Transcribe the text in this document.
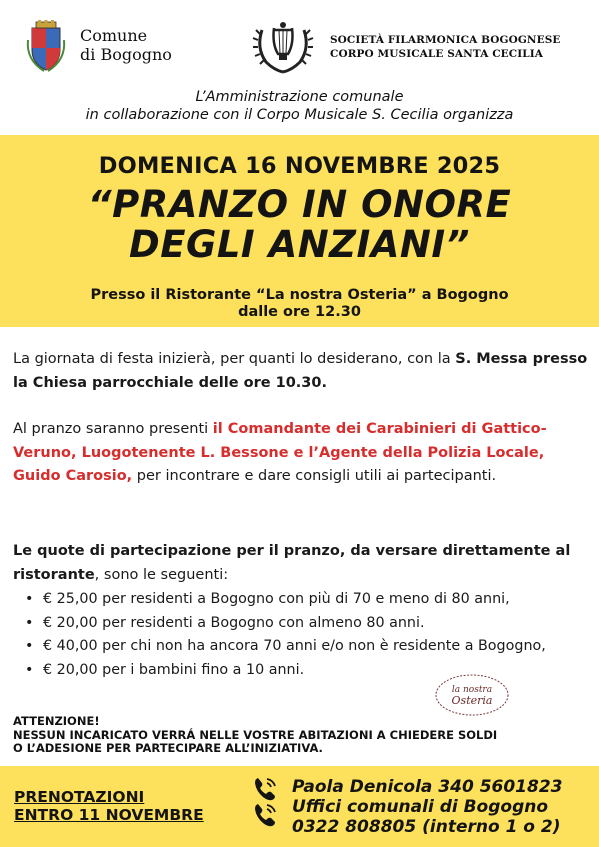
Comune
di Bogogno
SOCIETÀ FILARMONICA BOGOGNESE
CORPO MUSICALE SANTA CECILIA
L’Amministrazione comunale
in collaborazione con il Corpo Musicale S. Cecilia organizza
DOMENICA 16 NOVEMBRE 2025
“PRANZO IN ONORE
DEGLI ANZIANI”
Presso il Ristorante “La nostra Osteria” a Bogogno
dalle ore 12.30

La giornata di festa inizierà, per quanti lo desiderano, con la S. Messa presso la Chiesa parrocchiale delle ore 10.30.

Al pranzo saranno presenti il Comandante dei Carabinieri di Gattico-Veruno, Luogotenente L. Bessone e l’Agente della Polizia Locale, Guido Carosio, per incontrare e dare consigli utili ai partecipanti.

Le quote di partecipazione per il pranzo, da versare direttamente al ristorante, sono le seguenti:

• € 25,00 per residenti a Bogogno con più di 70 e meno di 80 anni,
• € 20,00 per residenti a Bogogno con almeno 80 anni.
• € 40,00 per chi non ha ancora 70 anni e/o non è residente a Bogogno,
• € 20,00 per i bambini fino a 10 anni.
la nostra
Osteria
ATTENZIONE!
NESSUN INCARICATO VERRÁ NELLE VOSTRE ABITAZIONI A CHIEDERE SOLDI
O L’ADESIONE PER PARTECIPARE ALL’INIZIATIVA.
PRENOTAZIONI
ENTRO 11 NOVEMBRE
Paola Denicola 340 5601823
Uffici comunali di Bogogno
0322 808805 (interno 1 o 2)
